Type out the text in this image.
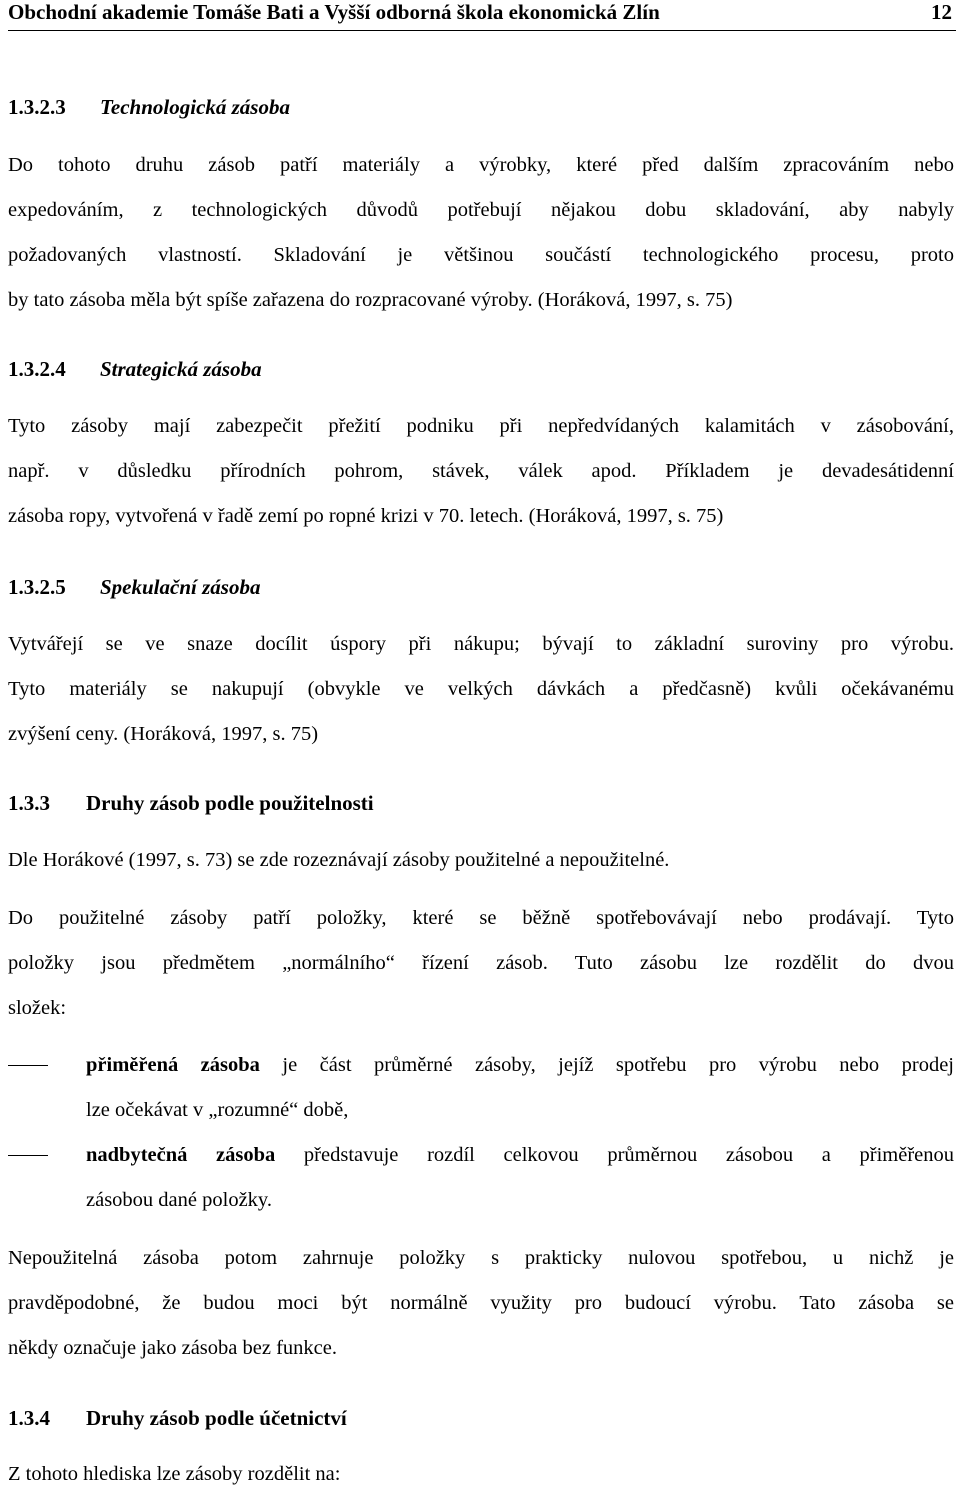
Obchodní akademie Tomáše Bati a Vyšší odborná škola ekonomická Zlín	12
1.3.2.3 Technologická zásoba
Do tohoto druhu zásob patří materiály a výrobky, které před dalším zpracováním nebo
expedováním, z technologických důvodů potřebují nějakou dobu skladování, aby nabyly
požadovaných vlastností. Skladování je většinou součástí technologického procesu, proto
by tato zásoba měla být spíše zařazena do rozpracované výroby. (Horáková, 1997, s. 75)
1.3.2.4 Strategická zásoba
Tyto zásoby mají zabezpečit přežití podniku při nepředvídaných kalamitách v zásobování,
např. v důsledku přírodních pohrom, stávek, válek apod. Příkladem je devadesátidenní
zásoba ropy, vytvořená v řadě zemí po ropné krizi v 70. letech. (Horáková, 1997, s. 75)
1.3.2.5 Spekulační zásoba
Vytvářejí se ve snaze docílit úspory při nákupu; bývají to základní suroviny pro výrobu.
Tyto materiály se nakupují (obvykle ve velkých dávkách a předčasně) kvůli očekávanému
zvýšení ceny. (Horáková, 1997, s. 75)
1.3.3 Druhy zásob podle použitelnosti
Dle Horákové (1997, s. 73) se zde rozeznávají zásoby použitelné a nepoužitelné.
Do použitelné zásoby patří položky, které se běžně spotřebovávají nebo prodávají. Tyto
položky jsou předmětem „normálního“ řízení zásob. Tuto zásobu lze rozdělit do dvou
složek:
přiměřená zásoba je část průměrné zásoby, jejíž spotřebu pro výrobu nebo prodej
lze očekávat v „rozumné“ době,
nadbytečná zásoba představuje rozdíl celkovou průměrnou zásobou a přiměřenou
zásobou dané položky.
Nepoužitelná zásoba potom zahrnuje položky s prakticky nulovou spotřebou, u nichž je
pravděpodobné, že budou moci být normálně využity pro budoucí výrobu. Tato zásoba se
někdy označuje jako zásoba bez funkce.
1.3.4 Druhy zásob podle účetnictví
Z tohoto hlediska lze zásoby rozdělit na:
